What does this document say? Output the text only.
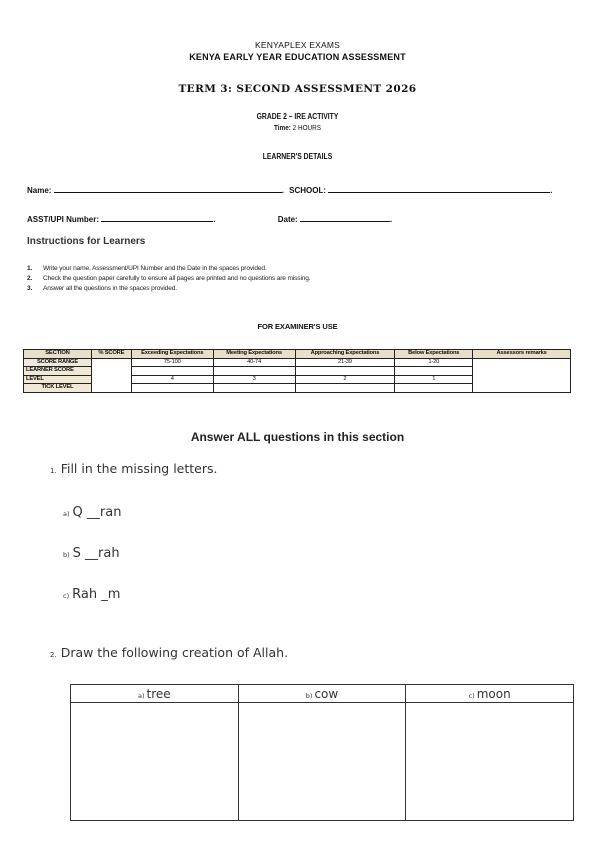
KENYAPLEX EXAMS
KENYA EARLY YEAR EDUCATION ASSESSMENT
TERM 3: SECOND ASSESSMENT 2026
GRADE 2 – IRE ACTIVITY
Time: 2 HOURS
LEARNER'S DETAILS
Name:	. SCHOOL:	.
ASST/UPI Number:	.	Date:	.
Instructions for Learners
1. Write your name, Assessment/UPI Number and the Date in the spaces provided.
2. Check the question paper carefully to ensure all pages are printed and no questions are missing.
3. Answer all the questions in the spaces provided.
FOR EXAMINER'S USE
SECTION	% SCORE	Exceeding Expectations	Meeting Expectations	Approaching Expectations	Below Expectations	Assessors remarks
SCORE RANGE		75-100	40-74	21-39	1-20	
LEARNER SCORE						
LEVEL		4	3	2	1	
TICK LEVEL						
Answer ALL questions in this section
1. Fill in the missing letters.
a) Q __ran
b) S __rah
c) Rah _m
2. Draw the following creation of Allah.
a) tree	b) cow	c) moon
